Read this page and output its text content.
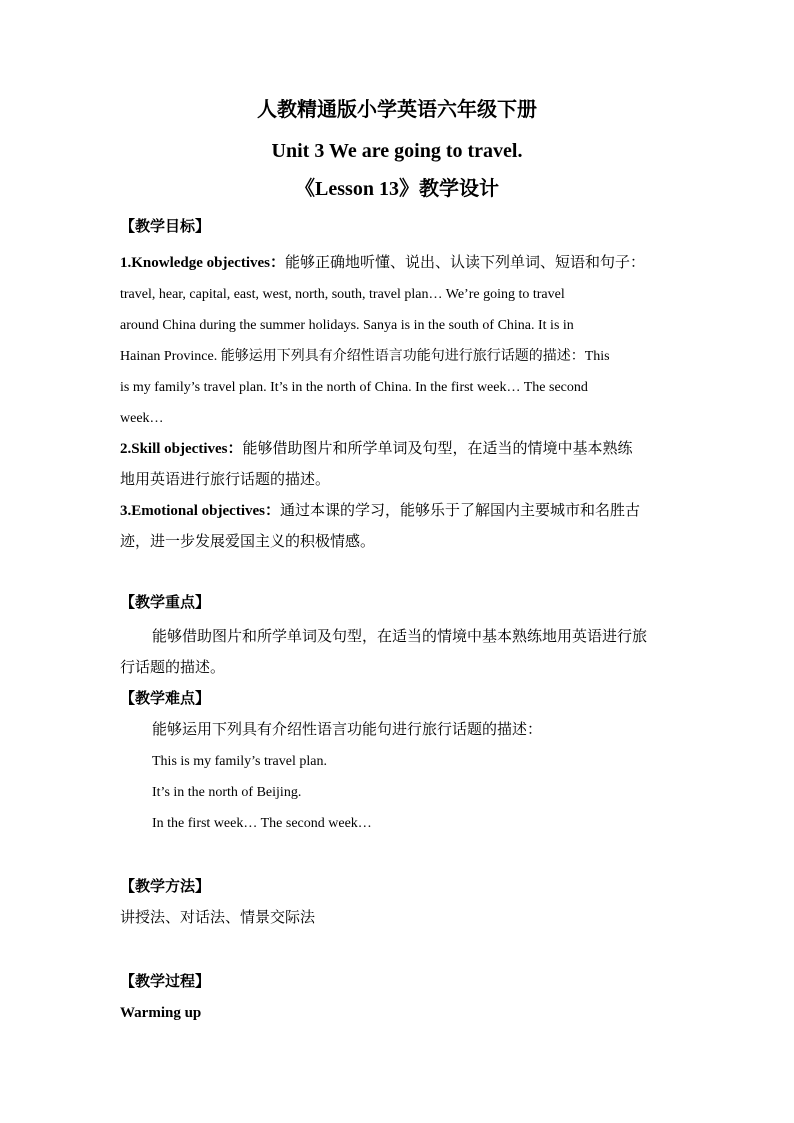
人教精通版小学英语六年级下册
Unit 3 We are going to travel.
《Lesson 13》教学设计
【教学目标】
1.Knowledge objectives：能够正确地听懂、说出、认读下列单词、短语和句子：
travel, hear, capital, east, west, north, south, travel plan… We’re going to travel
around China during the summer holidays. Sanya is in the south of China. It is in
Hainan Province. 能够运用下列具有介绍性语言功能句进行旅行话题的描述：This
is my family’s travel plan. It’s in the north of China. In the first week… The second
week…
2.Skill objectives：能够借助图片和所学单词及句型，在适当的情境中基本熟练
地用英语进行旅行话题的描述。
3.Emotional objectives：通过本课的学习，能够乐于了解国内主要城市和名胜古
迹，进一步发展爱国主义的积极情感。
【教学重点】
能够借助图片和所学单词及句型，在适当的情境中基本熟练地用英语进行旅
行话题的描述。
【教学难点】
能够运用下列具有介绍性语言功能句进行旅行话题的描述：
This is my family’s travel plan.
It’s in the north of Beijing.
In the first week… The second week…
【教学方法】
讲授法、对话法、情景交际法
【教学过程】
Warming up
